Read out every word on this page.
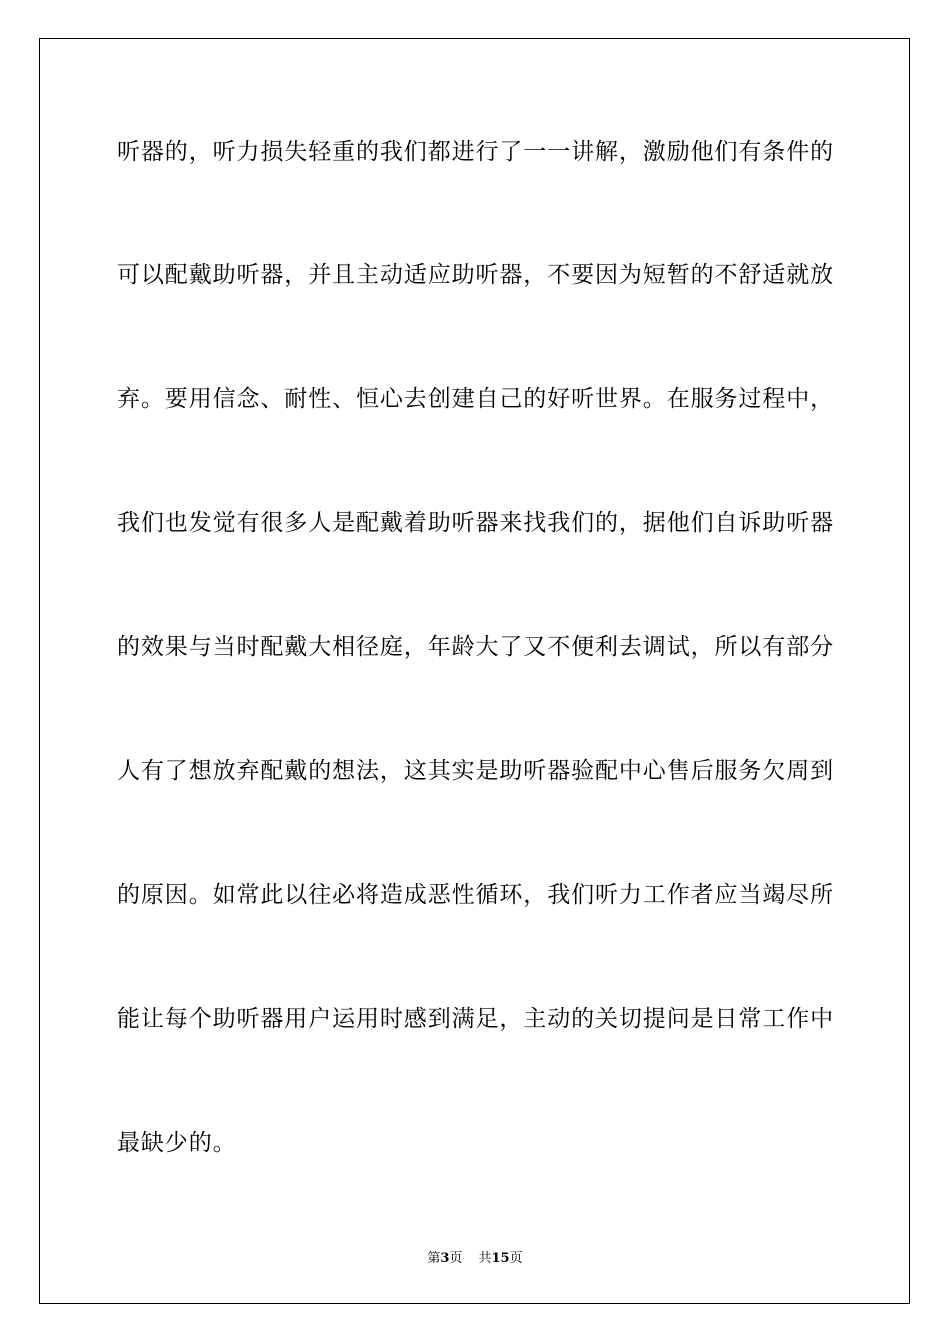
听器的，听力损失轻重的我们都进行了一一讲解，激励他们有条件的
可以配戴助听器，并且主动适应助听器，不要因为短暂的不舒适就放
弃。要用信念、耐性、恒心去创建自己的好听世界。在服务过程中，
我们也发觉有很多人是配戴着助听器来找我们的，据他们自诉助听器
的效果与当时配戴大相径庭，年龄大了又不便利去调试，所以有部分
人有了想放弃配戴的想法，这其实是助听器验配中心售后服务欠周到
的原因。如常此以往必将造成恶性循环，我们听力工作者应当竭尽所
能让每个助听器用户运用时感到满足，主动的关切提问是日常工作中
最缺少的。
第3页 共15页
